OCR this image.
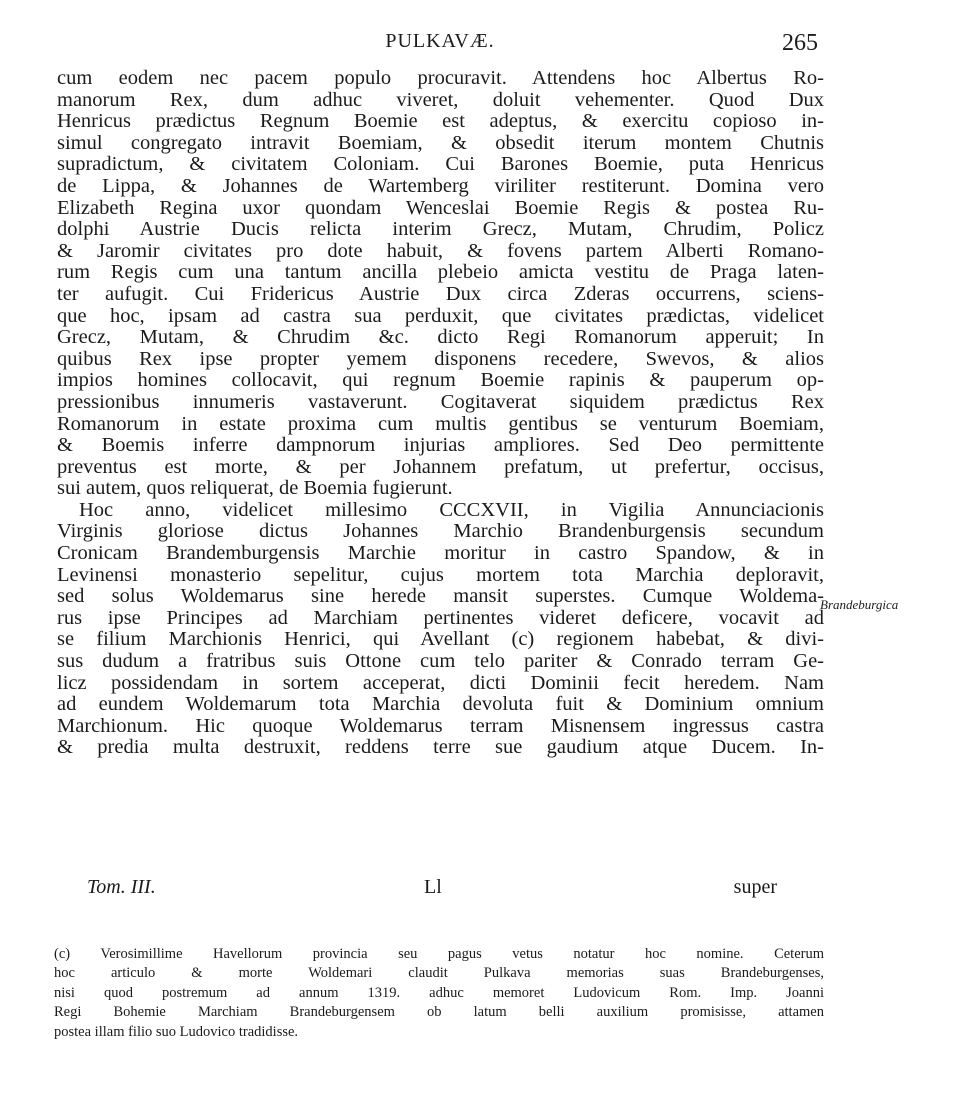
PULKAVÆ.	265
cum eodem nec pacem populo procuravit. Attendens hoc Albertus Ro-
manorum Rex, dum adhuc viveret, doluit vehementer. Quod Dux
Henricus prædictus Regnum Boemie est adeptus, & exercitu copioso in-
simul congregato intravit Boemiam, & obsedit iterum montem Chutnis
supradictum, & civitatem Coloniam. Cui Barones Boemie, puta Henricus
de Lippa, & Johannes de Wartemberg viriliter restiterunt. Domina vero
Elizabeth Regina uxor quondam Wenceslai Boemie Regis & postea Ru-
dolphi Austrie Ducis relicta interim Grecz, Mutam, Chrudim, Policz
& Jaromir civitates pro dote habuit, & fovens partem Alberti Romano-
rum Regis cum una tantum ancilla plebeio amicta vestitu de Praga laten-
ter aufugit. Cui Fridericus Austrie Dux circa Zderas occurrens, sciens-
que hoc, ipsam ad castra sua perduxit, que civitates prædictas, videlicet
Grecz, Mutam, & Chrudim &c. dicto Regi Romanorum apperuit; In
quibus Rex ipse propter yemem disponens recedere, Swevos, & alios
impios homines collocavit, qui regnum Boemie rapinis & pauperum op-
pressionibus innumeris vastaverunt. Cogitaverat siquidem prædictus Rex
Romanorum in estate proxima cum multis gentibus se venturum Boemiam,
& Boemis inferre dampnorum injurias ampliores. Sed Deo permittente
preventus est morte, & per Johannem prefatum, ut prefertur, occisus,
sui autem, quos reliquerat, de Boemia fugierunt.
Hoc anno, videlicet millesimo CCCXVII, in Vigilia Annunciacionis
Virginis gloriose dictus Johannes Marchio Brandenburgensis secundum
Cronicam Brandemburgensis Marchie moritur in castro Spandow, & in
Levinensi monasterio sepelitur, cujus mortem tota Marchia deploravit,
sed solus Woldemarus sine herede mansit superstes. Cumque Woldema-
rus ipse Principes ad Marchiam pertinentes videret deficere, vocavit ad
se filium Marchionis Henrici, qui Avellant (c) regionem habebat, & divi-
sus dudum a fratribus suis Ottone cum telo pariter & Conrado terram Ge-
licz possidendam in sortem acceperat, dicti Dominii fecit heredem. Nam
ad eundem Woldemarum tota Marchia devoluta fuit & Dominium omnium
Marchionum. Hic quoque Woldemarus terram Misnensem ingressus castra
& predia multa destruxit, reddens terre sue gaudium atque Ducem. In-
Brandeburgica
Tom. III.	Ll	super
(c) Verosimillime Havellorum provincia seu pagus vetus notatur hoc nomine. Ceterum
hoc articulo & morte Woldemari claudit Pulkava memorias suas Brandeburgenses,
nisi quod postremum ad annum 1319. adhuc memoret Ludovicum Rom. Imp. Joanni
Regi Bohemie Marchiam Brandeburgensem ob latum belli auxilium promisisse, attamen
postea illam filio suo Ludovico tradidisse.
